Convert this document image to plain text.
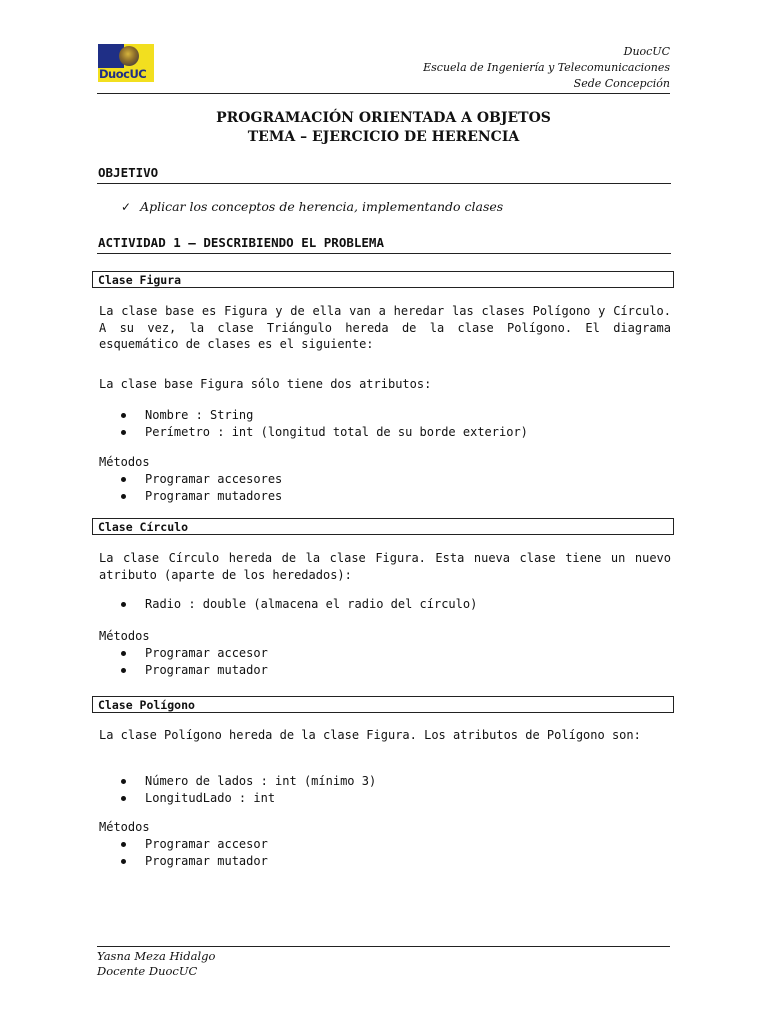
DuocUC
DuocUC
Escuela de Ingeniería y Telecomunicaciones
Sede Concepción
PROGRAMACIÓN ORIENTADA A OBJETOS
TEMA – EJERCICIO DE HERENCIA
OBJETIVO
✓ Aplicar los conceptos de herencia, implementando clases
ACTIVIDAD 1 – DESCRIBIENDO EL PROBLEMA
Clase Figura

La clase base es Figura y de ella van a heredar las clases Polígono y Círculo. A su vez, la clase Triángulo hereda de la clase Polígono. El diagrama esquemático de clases es el siguiente:

La clase base Figura sólo tiene dos atributos:

Nombre : String
Perímetro : int (longitud total de su borde exterior)

Métodos

Programar accesores
Programar mutadores
Clase Círculo

La clase Círculo hereda de la clase Figura. Esta nueva clase tiene un nuevo atributo (aparte de los heredados):

Radio : double (almacena el radio del círculo)

Métodos

Programar accesor
Programar mutador
Clase Polígono

La clase Polígono hereda de la clase Figura. Los atributos de Polígono son:

Número de lados : int (mínimo 3)
LongitudLado : int

Métodos

Programar accesor
Programar mutador
Yasna Meza Hidalgo
Docente DuocUC
